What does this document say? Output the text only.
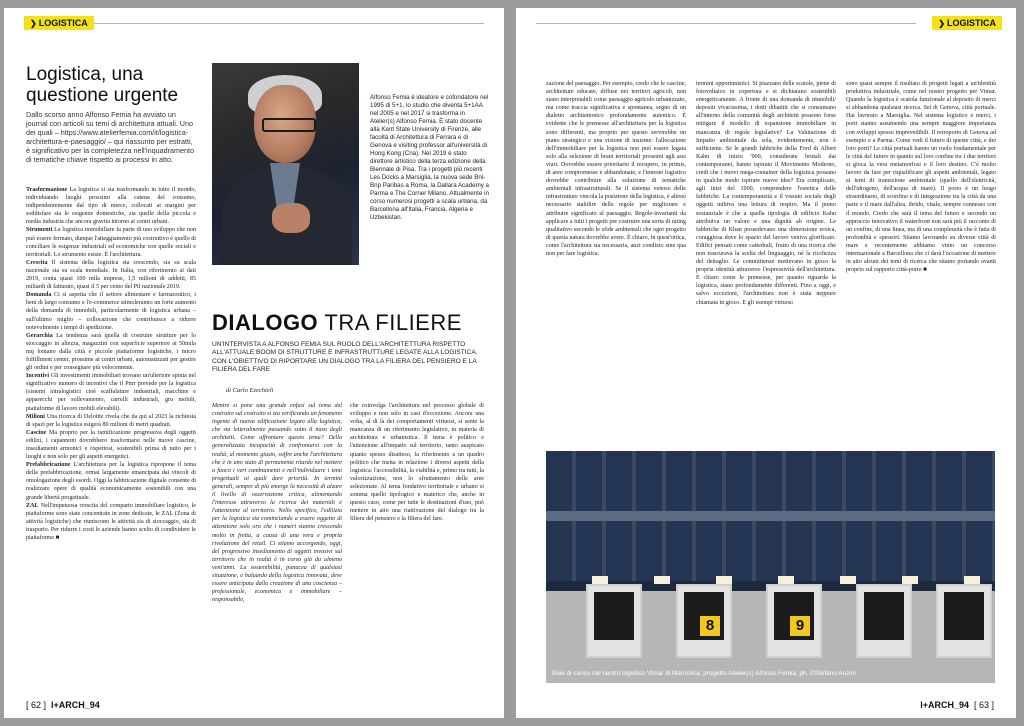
❯ LOGISTICA
Logistica, una questione urgente
Dallo scorso anno Alfonso Femia ha avviato un journal con articoli su temi di architettura attuali. Uno dei quali – https://www.atelierfemia.com/it/logistica-architettura-e-paesaggio/ – qui riassunto per estratti, è significativo per la completezza nell'inquadramento di tematiche chiave rispetto ai processi in atto.

Trasformazione La logistica si sta trasformando in tutto il mondo, individuando luoghi prossimi alla catena del consumo, indipendentemente dal tipo di merce, collocati ai margini per soddisfare sia le esigenze domestiche, sia quelle della piccola e media industria che ancora gravita intorno ai centri urbani.

Strumenti La logistica immobiliare fa parte di uno sviluppo che non può essere fermato, dunque l'atteggiamento più costruttivo è quello di conciliare le esigenze industriali ed economiche con quelle sociali e territoriali. Lo strumento esiste. È l'architettura.

Crescita Il sistema della logistica sta crescendo, sia su scala nazionale sia su scala mondiale. In Italia, con riferimento ai dati 2019, conta quasi 100 mila imprese, 1,5 milioni di addetti, 85 miliardi di fatturato, quasi il 5 per cento del Pil nazionale 2019.

Domanda Ci si aspetta che il settore alimentare e farmaceutico, i beni di largo consumo e l'e-commerce stimoleranno un forte aumento della domanda di immobili, particolarmente di logistica urbana – sull'ultimo miglio – collocazione che contribuisce a ridurre notevolmente i tempi di spedizione.

Gerarchia La tendenza sarà quella di costruire strutture per lo stoccaggio in altezza, magazzini con superficie superiore ai 50mila mq lontano dalla città e piccole piattaforme logistiche, i micro fulfillment center, prossime ai centri urbani, automatizzati per gestire gli ordini e per consegnare più velocemente.

Incentivi Gli investimenti immobiliari trovano un'ulteriore spinta nel significativo numero di incentivi che il Pnrr prevede per la logistica (sistemi intralogistici cioè scaffalature industriali, macchine e apparecchi per sollevamento, carrelli industriali, gru mobili, piattaforme di lavoro mobili elevabili).

Milioni Una ricerca di Deloitte rivela che da qui al 2023 la richiesta di spazi per la logistica esigerà 80 milioni di metri quadrati.

Cascine Ma proprio per la ramificazione progressiva degli oggetti edilizi, i capannoni dovrebbero trasformarsi nelle nuove cascine, insediamenti armonici e rispettosi, sostenibili prima di tutto per i luoghi e non solo per gli aspetti energetici.

Prefabbricazione L'architettura per la logistica ripropone il tema della prefabbricazione, ormai largamente emancipata dai vincoli di omologazione degli esordi. Oggi la fabbricazione digitale consente di realizzare opere di qualità economicamente sostenibili con una grande libertà progettuale.

ZAL Nell'impetuosa crescita del comparto immobiliare logistico, le piattaforme sono state concentrate in zone dedicate, le ZAL (Zona di attività logistiche) che riuniscono le attività sia di stoccaggio, sia di trasporto. Per ridurre i costi le aziende hanno scelto di condividere le piattaforme ■

Alfonso Femia è ideatore e cofondatore nel 1995 di 5+1, lo studio che diventa 5+1AA nel 2005 e nel 2017 si trasforma in Atelier(s) Alfonso Femia. È stato docente alla Kent State University di Firenze, alle facoltà di Architettura di Ferrara e di Genova e visiting professor all'università di Hong Kong (Cna). Nel 2019 è stato direttore artistico della terza edizione della Biennale di Pisa. Tra i progetti più recenti Les Docks a Marsiglia, la nuova sede Bnl-Bnp Paribas a Roma, la Dallara Academy a Parma e The Corner Milano. Attualmente in corso numerosi progetti a scala urbana, da Barcellona all'Italia, Francia, Algeria e Uzbekistan.
DIALOGO TRA FILIERE
UN'INTERVISTA A ALFONSO FEMIA SUL RUOLO DELL'ARCHITETTURA RISPETTO ALL'ATTUALE BOOM DI STRUTTURE E INFRASTRUTTURE LEGATE ALLA LOGISTICA. CON L'OBIETTIVO DI RIPORTARE UN DIALOGO TRA LA FILIERA DEL PENSIERO E LA FILIERA DEL FARE
di Carlo Ezechieli

Mentre si pone una grande enfasi sul tema del costruire sul costruito si sta verificando un fenomeno ingente di nuova edificazione legato alla logistica, che sta letteralmente passando sotto il naso degli architetti. Come affrontare questo tema? Della generalizzata incapacità di confrontarsi con la realtà, al momento giusto, soffre anche l'architettura che è in uno stato di permanente ritardo nel mettere a fuoco i veri cambiamenti e nell'individuare i temi progettuali ai quali dare priorità. In termini generali, sempre di più emerge la necessità di alzare il livello di osservazione critica, alimentando l'interesse attraverso la ricerca dei materiali e l'attenzione al territorio. Nello specifico, l'edilizia per la logistica sta cominciando a essere oggetto di attenzione solo ora che i numeri stanno crescendo molto in fretta, a causa di una vera e propria rivoluzione del retail. Ci stiamo accorgendo, oggi, del progressivo insediamento di oggetti invasivi sul territorio che in realtà è in corso già da almeno vent'anni. La sostenibilità, panacea di qualsiasi situazione, e baluardo della logistica innovata, deve essere anticipata dalla creazione di una coscienza – professionale, economica e immobiliare – responsabile,

che coinvolga l'architettura nel processo globale di sviluppo e non solo in casi d'eccezione. Ancora una volta, al di là dei comportamenti virtuosi, si sente la mancanza di un riferimento legislativo, in materia di architettura e urbanistica. Il tema è politico e l'attenzione all'impatto sul territorio, tanto auspicato quanto spesso disatteso, fa riferimento a un quadro politico che metta in relazione i diversi aspetti della logistica: l'accessibilità, la viabilità e, primo tra tutti, la valorizzazione, non lo sfruttamento delle aree selezionate. Al tema fondativo territoriale e urbano si somma quello tipologico e materico che, anche in questo caso, come per tutte le destinazioni d'uso, può mettere in atto una riattivazione del dialogo tra la filiera del pensiero e la filiera del fare.

[ 62 ] l+ARCH_94
❯ LOGISTICA

zazione del paesaggio. Per esempio, credo che le cascine, architetture educate, diffuse nei territori agricoli, non siano interpretabili come paesaggio agricolo urbanizzato, ma come traccia significativa e spontanea, segno di un dialetto architettonico profondamente autentico. È evidente che le premesse all'architettura per la logistica sono differenti, ma proprio per questo servirebbe un piano strategico e una visione di insieme: l'allocazione dell'immobiliare per la logistica non può essere legata solo alla selezione di brani territoriali prossimi agli assi viari. Dovrebbe essere prioritario il recupero, in primis, di aree compromesse e abbandonate, e l'innesto logistico dovrebbe contribuire alla soluzione di tematiche ambientali infrastrutturali. Se il sistema venoso delle infrastrutture vincola la posizione della logistica, è altresì necessario stabilire delle regole per migliorare e attribuire significato al paesaggio. Regole-invarianti da applicare a tutti i progetti per costruire una sorta di rating qualitativo secondo le sfide ambientali che ogni progetto di questa natura dovrebbe avere. È chiaro, in quest'ottica, come l'architettura sia necessaria, anzi condizio sine qua non per fare logistica.

termini opportunistici. Si piazzano delle scatole, piene di fotovoltaico in copertura e si dichiarano sostenibili energeticamente. A fronte di una domanda di immobili/ depositi vivacissima, i dotti dibattiti che si consumano all'interno della comunità degli architetti possono forse mitigare il modello di espansione immobiliare in mancanza di regole legislative? La Valutazione di Impatto ambientale da sola, evidentemente, non è sufficiente. Se le grandi fabbriche della Ford di Albert Kahn di inizio '900, considerate brutali dai contemporanei, hanno ispirato il Movimento Moderno, credi che i nuovi mega-container della logistica possano in qualche modo ispirare nuove idee? Era complicato, agli inizi del 1900, comprendere l'estetica delle fabbriche. La contemporaneità e il vissuto sociale degli oggetti inibiva una lettura di respiro. Ma il punto sostanziale è che a quella tipologia di edificio Kahn attribuiva un valore e una dignità ab origine. Le fabbriche di Khan possedevano una dimensione eroica, coraggiosa dove lo spazio del lavoro veniva glorificato. Edifici pensati come cattedrali, frutto di una ricerca che non trascurava la scelta del linguaggio, né la ricchezza del dettaglio. Le committenze mettevano in gioco la propria identità attraverso l'espressività dell'architettura. È chiaro come le premesse, per quanto riguarda la logistica, siano profondamente differenti. Fino a oggi, e salvo eccezioni, l'architettura non è stata neppure chiamata in gioco. E gli esempi virtuosi

sono quasi sempre il risultato di progetti legati a un'identità produttiva industriale, come nel nostro progetto per Vimar. Quando la logistica è scatola funzionale al deposito di merci si abbandona qualsiasi ricerca. Sei di Genova, città portuale. Hai lavorato a Marsiglia. Nel sistema logistico e merci, i porti stanno assumendo una sempre maggiore importanza con sviluppi spesso imprevedibili. Il retroporto di Genova ad esempio e a Parma. Come vedi il futuro di queste città, e dei loro porti? Le città portuali hanno un ruolo fondamentale per le città del futuro in quanto sul loro confine tra i due territori si gioca la vera metamorfosi e il loro destino. C'è molto lavoro da fare per riqualificare gli aspetti ambientali, legato ai temi di transizione ambientale (quello dell'elettricità, dell'idrogeno, dell'acqua di mare). Il porto è un luogo straordinario, di sconfino e di integrazione tra la città da una parte e il mare dall'altra, ibrido, vitale, sempre connesso con il mondo. Credo che sarà il tema del futuro e secondo un approccio innovativo il waterfront non sarà più il racconto di un confine, di una linea, ma di una complessità che è fatta di profondità e spessori. Stiamo lavorando su diverse città di mare e recentemente abbiamo vinto un concorso internazionale a Barcellona che ci darà l'occasione di mettere in atto alcuni dei temi di ricerca che stiamo portando avanti proprio sul rapporto città-porto ■

8	9
Baie di carico nel centro logistico Vimar di Marostica, progetto Atelier(s) Alfonso Femia, ph. ©Stefano Anzini
l+ARCH_94 [ 63 ]
